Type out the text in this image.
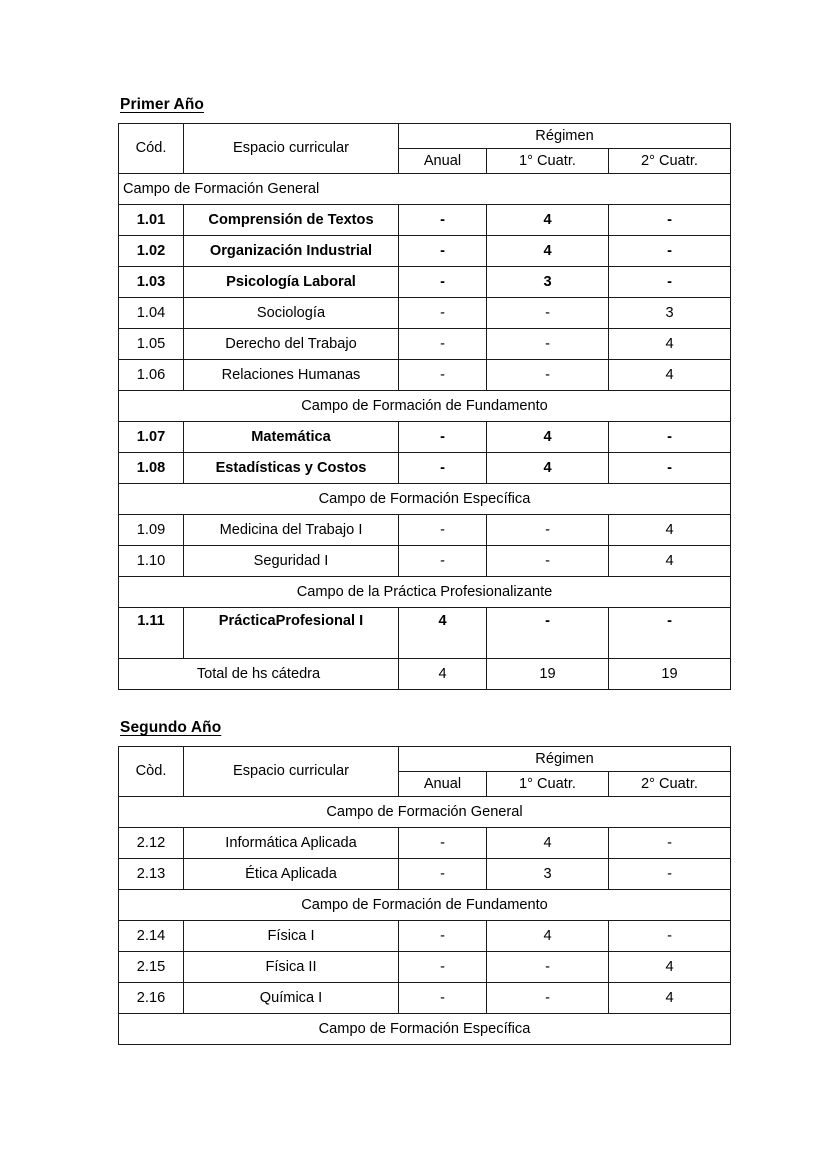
Primer Año
Cód.	Espacio curricular	Régimen		
		Anual	1° Cuatr.	2° Cuatr.
Campo de Formación General				
1.01	Comprensión de Textos	-	4	-
1.02	Organización Industrial	-	4	-
1.03	Psicología Laboral	-	3	-
1.04	Sociología	-	-	3
1.05	Derecho del Trabajo	-	-	4
1.06	Relaciones Humanas	-	-	4
Campo de Formación de Fundamento				
1.07	Matemática	-	4	-
1.08	Estadísticas y Costos	-	4	-
Campo de Formación Específica				
1.09	Medicina del Trabajo I	-	-	4
1.10	Seguridad I	-	-	4
Campo de la Práctica Profesionalizante				
1.11	PrácticaProfesional I	4	-	-
Total de hs cátedra		4	19	19
Segundo Año
Còd.	Espacio curricular	Régimen		
		Anual	1° Cuatr.	2° Cuatr.
Campo de Formación General				
2.12	Informática Aplicada	-	4	-
2.13	Ética Aplicada	-	3	-
Campo de Formación de Fundamento				
2.14	Física I	-	4	-
2.15	Física II	-	-	4
2.16	Química I	-	-	4
Campo de Formación Específica				
